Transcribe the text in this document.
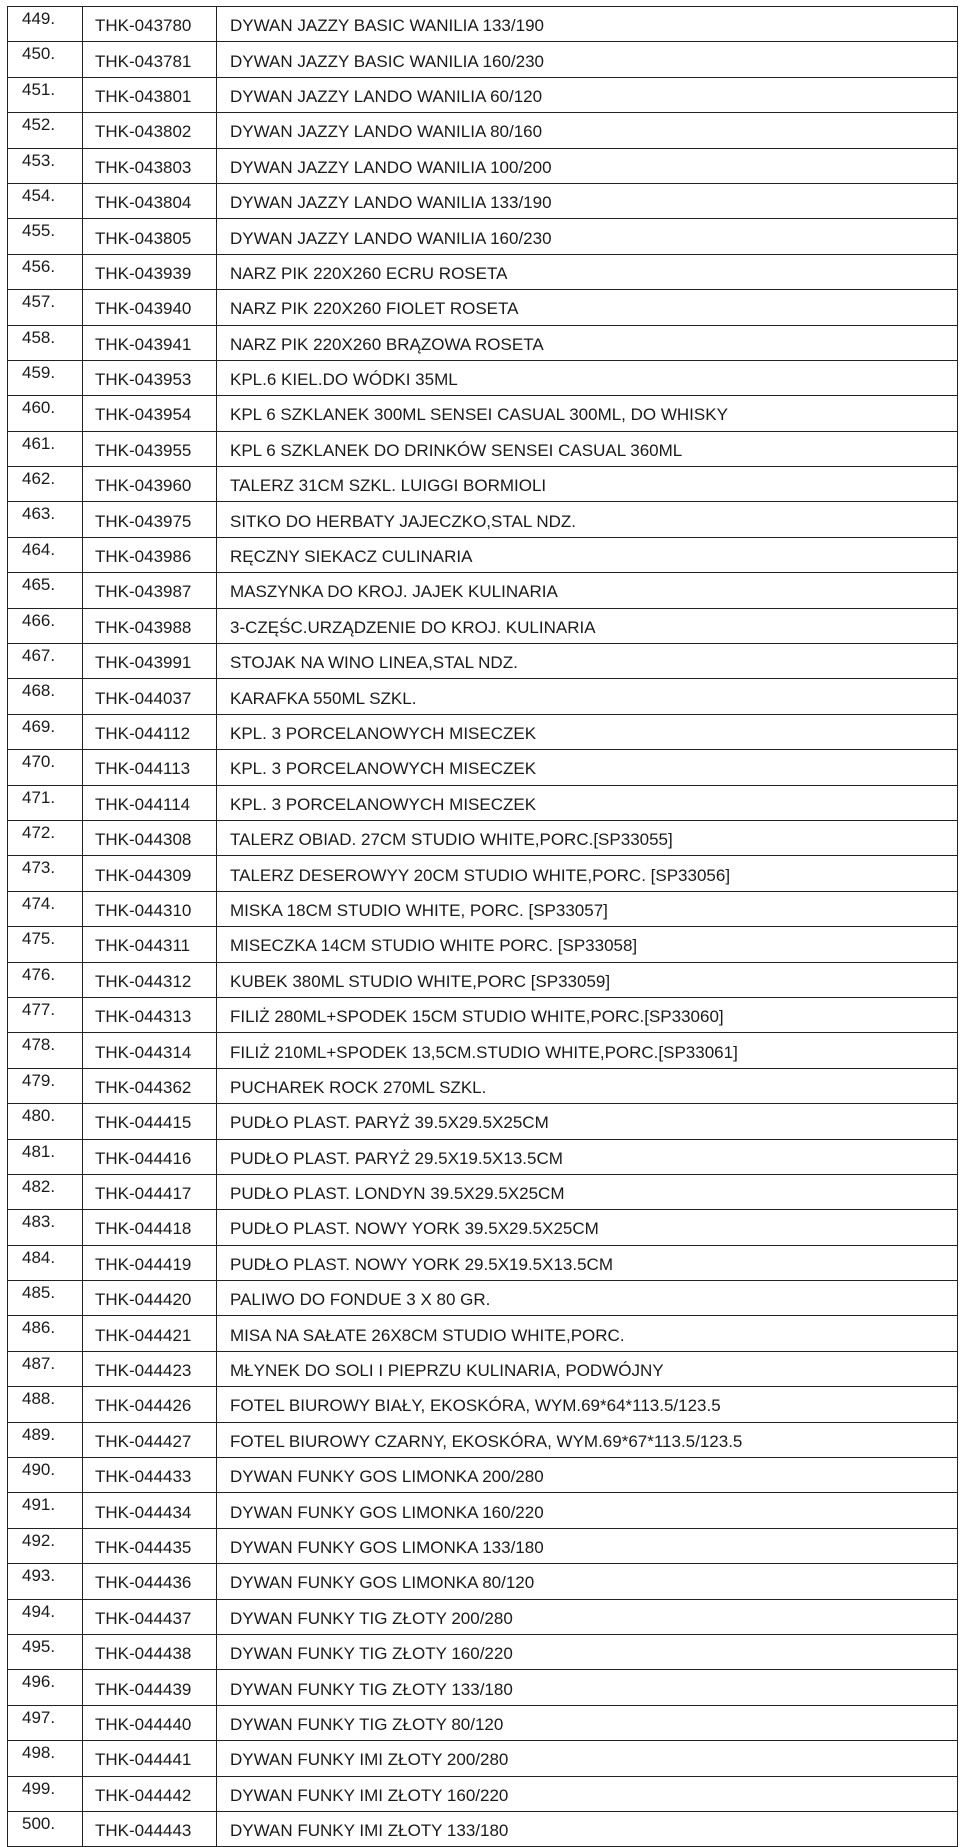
449.	THK-043780	DYWAN JAZZY BASIC WANILIA 133/190
450.	THK-043781	DYWAN JAZZY BASIC WANILIA 160/230
451.	THK-043801	DYWAN JAZZY LANDO WANILIA 60/120
452.	THK-043802	DYWAN JAZZY LANDO WANILIA 80/160
453.	THK-043803	DYWAN JAZZY LANDO WANILIA 100/200
454.	THK-043804	DYWAN JAZZY LANDO WANILIA 133/190
455.	THK-043805	DYWAN JAZZY LANDO WANILIA 160/230
456.	THK-043939	NARZ PIK 220X260 ECRU ROSETA
457.	THK-043940	NARZ PIK 220X260 FIOLET ROSETA
458.	THK-043941	NARZ PIK 220X260 BRĄZOWA ROSETA
459.	THK-043953	KPL.6 KIEL.DO WÓDKI 35ML
460.	THK-043954	KPL 6 SZKLANEK 300ML SENSEI CASUAL 300ML, DO WHISKY
461.	THK-043955	KPL 6 SZKLANEK DO DRINKÓW SENSEI CASUAL 360ML
462.	THK-043960	TALERZ 31CM SZKL. LUIGGI BORMIOLI
463.	THK-043975	SITKO DO HERBATY JAJECZKO,STAL NDZ.
464.	THK-043986	RĘCZNY SIEKACZ CULINARIA
465.	THK-043987	MASZYNKA DO KROJ. JAJEK KULINARIA
466.	THK-043988	3-CZĘŚC.URZĄDZENIE DO KROJ. KULINARIA
467.	THK-043991	STOJAK NA WINO LINEA,STAL NDZ.
468.	THK-044037	KARAFKA 550ML SZKL.
469.	THK-044112	KPL. 3 PORCELANOWYCH MISECZEK
470.	THK-044113	KPL. 3 PORCELANOWYCH MISECZEK
471.	THK-044114	KPL. 3 PORCELANOWYCH MISECZEK
472.	THK-044308	TALERZ OBIAD. 27CM STUDIO WHITE,PORC.[SP33055]
473.	THK-044309	TALERZ DESEROWYY 20CM STUDIO WHITE,PORC. [SP33056]
474.	THK-044310	MISKA 18CM STUDIO WHITE, PORC. [SP33057]
475.	THK-044311	MISECZKA 14CM STUDIO WHITE PORC. [SP33058]
476.	THK-044312	KUBEK 380ML STUDIO WHITE,PORC [SP33059]
477.	THK-044313	FILIŻ 280ML+SPODEK 15CM STUDIO WHITE,PORC.[SP33060]
478.	THK-044314	FILIŻ 210ML+SPODEK 13,5CM.STUDIO WHITE,PORC.[SP33061]
479.	THK-044362	PUCHAREK ROCK 270ML SZKL.
480.	THK-044415	PUDŁO PLAST. PARYŻ 39.5X29.5X25CM
481.	THK-044416	PUDŁO PLAST. PARYŻ 29.5X19.5X13.5CM
482.	THK-044417	PUDŁO PLAST. LONDYN 39.5X29.5X25CM
483.	THK-044418	PUDŁO PLAST. NOWY YORK 39.5X29.5X25CM
484.	THK-044419	PUDŁO PLAST. NOWY YORK 29.5X19.5X13.5CM
485.	THK-044420	PALIWO DO FONDUE 3 X 80 GR.
486.	THK-044421	MISA NA SAŁATE 26X8CM STUDIO WHITE,PORC.
487.	THK-044423	MŁYNEK DO SOLI I PIEPRZU KULINARIA, PODWÓJNY
488.	THK-044426	FOTEL BIUROWY BIAŁY, EKOSKÓRA, WYM.69*64*113.5/123.5
489.	THK-044427	FOTEL BIUROWY CZARNY, EKOSKÓRA, WYM.69*67*113.5/123.5
490.	THK-044433	DYWAN FUNKY GOS LIMONKA 200/280
491.	THK-044434	DYWAN FUNKY GOS LIMONKA 160/220
492.	THK-044435	DYWAN FUNKY GOS LIMONKA 133/180
493.	THK-044436	DYWAN FUNKY GOS LIMONKA 80/120
494.	THK-044437	DYWAN FUNKY TIG ZŁOTY 200/280
495.	THK-044438	DYWAN FUNKY TIG ZŁOTY 160/220
496.	THK-044439	DYWAN FUNKY TIG ZŁOTY 133/180
497.	THK-044440	DYWAN FUNKY TIG ZŁOTY 80/120
498.	THK-044441	DYWAN FUNKY IMI ZŁOTY 200/280
499.	THK-044442	DYWAN FUNKY IMI ZŁOTY 160/220
500.	THK-044443	DYWAN FUNKY IMI ZŁOTY 133/180
